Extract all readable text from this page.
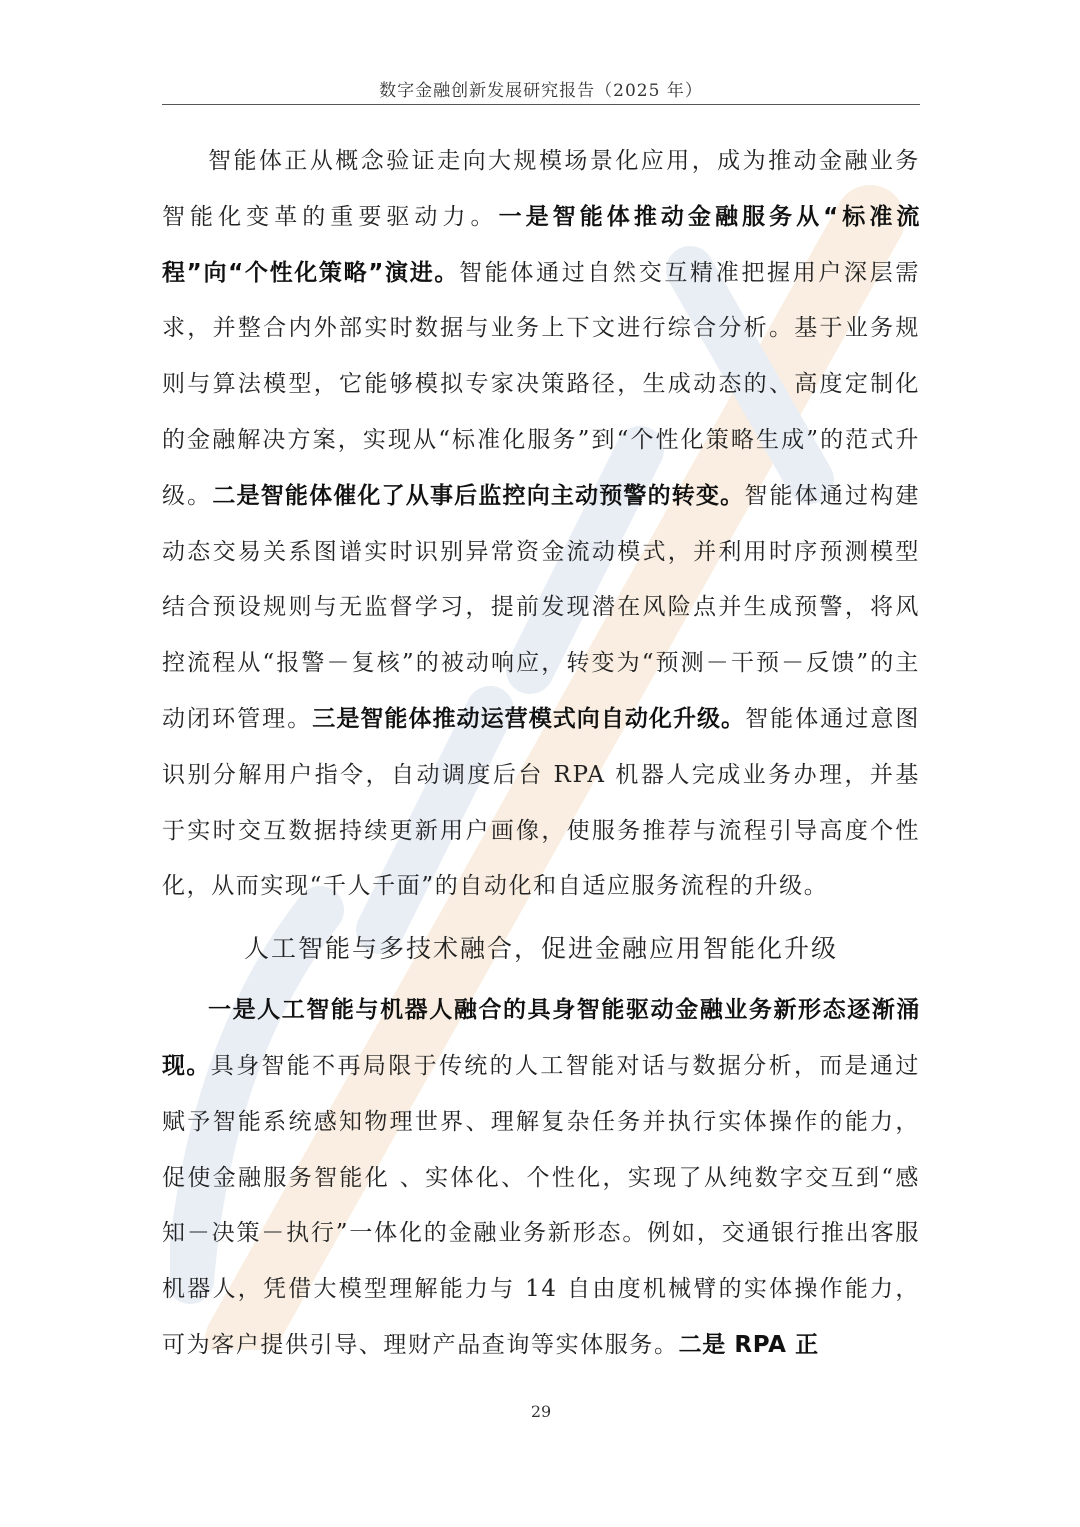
数字金融创新发展研究报告（2025 年）

智能体正从概念验证走向大规模场景化应用，成为推动金融业务智能化变革的重要驱动力。一是智能体推动金融服务从“标准流程”向“个性化策略”演进。智能体通过自然交互精准把握用户深层需求，并整合内外部实时数据与业务上下文进行综合分析。基于业务规则与算法模型，它能够模拟专家决策路径，生成动态的、高度定制化的金融解决方案，实现从“标准化服务”到“个性化策略生成”的范式升级。二是智能体催化了从事后监控向主动预警的转变。智能体通过构建动态交易关系图谱实时识别异常资金流动模式，并利用时序预测模型结合预设规则与无监督学习，提前发现潜在风险点并生成预警，将风控流程从“报警－复核”的被动响应，转变为“预测－干预－反馈”的主动闭环管理。三是智能体推动运营模式向自动化升级。智能体通过意图识别分解用户指令，自动调度后台 RPA 机器人完成业务办理，并基于实时交互数据持续更新用户画像，使服务推荐与流程引导高度个性化，从而实现“千人千面”的自动化和自适应服务流程的升级。

人工智能与多技术融合，促进金融应用智能化升级

一是人工智能与机器人融合的具身智能驱动金融业务新形态逐渐涌现。具身智能不再局限于传统的人工智能对话与数据分析，而是通过赋予智能系统感知物理世界、理解复杂任务并执行实体操作的能力，促使金融服务智能化 、实体化、个性化，实现了从纯数字交互到“感知－决策－执行”一体化的金融业务新形态。例如，交通银行推出客服机器人，凭借大模型理解能力与 14 自由度机械臂的实体操作能力，可为客户提供引导、理财产品查询等实体服务。二是 RPA 正

29
